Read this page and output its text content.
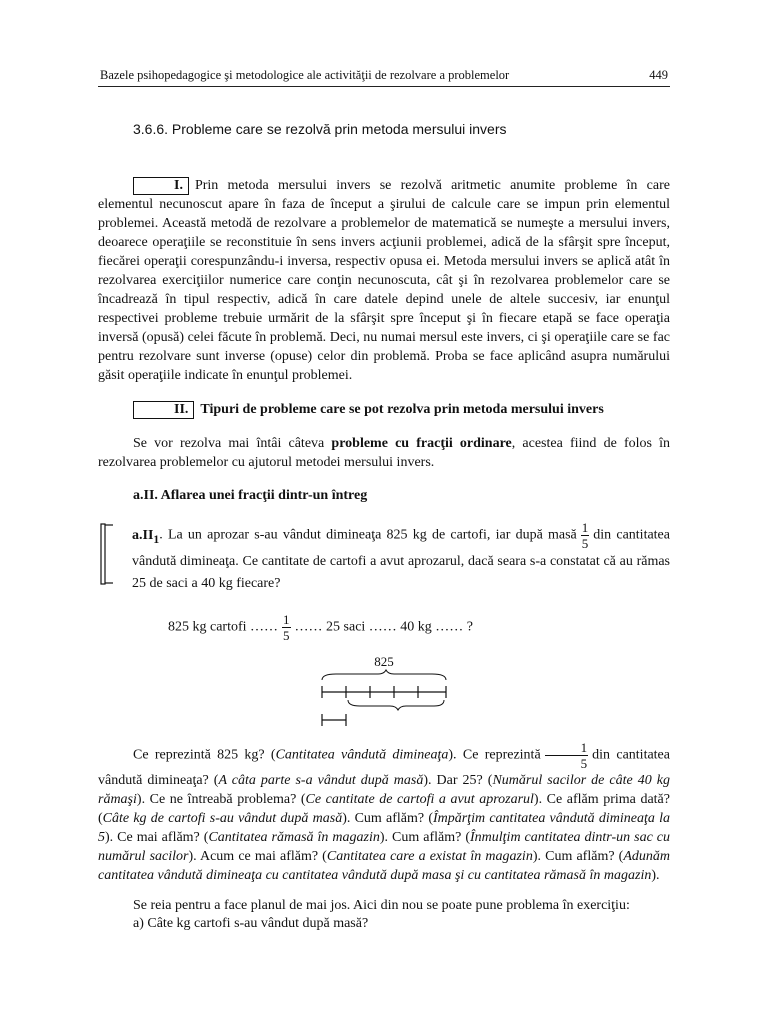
Bazele psihopedagogice şi metodologice ale activităţii de rezolvare a problemelor	449
3.6.6. Probleme care se rezolvă prin metoda mersului invers

I. Prin metoda mersului invers se rezolvă aritmetic anumite probleme în care elementul necunoscut apare în faza de început a şirului de calcule care se impun prin elementul problemei. Această metodă de rezolvare a problemelor de matematică se numeşte a mersului invers, deoarece operaţiile se reconstituie în sens invers acţiunii problemei, adică de la sfârşit spre început, fiecărei operaţii corespunzându-i inversa, respectiv opusa ei. Metoda mersului invers se aplică atât în rezolvarea exerciţiilor numerice care conţin necunoscuta, cât şi în rezolvarea problemelor care se încadrează în tipul respectiv, adică în care datele depind unele de altele succesiv, iar enunţul respectivei probleme trebuie urmărit de la sfârşit spre început şi în fiecare etapă se face operaţia inversă (opusă) celei făcute în problemă. Deci, nu numai mersul este invers, ci şi operaţiile care se fac pentru rezolvare sunt inverse (opuse) celor din problemă. Proba se face aplicând asupra numărului găsit operaţiile indicate în enunţul problemei.

II. Tipuri de probleme care se pot rezolva prin metoda mersului invers

Se vor rezolva mai întâi câteva probleme cu fracţii ordinare, acestea fiind de folos în rezolvarea problemelor cu ajutorul metodei mersului invers.

a.II. Aflarea unei fracţii dintr-un întreg

$a.II_1$. La un aprozar s-au vândut dimineaţa 825 kg de cartofi, iar după masă $\frac{1}{5}$ din cantitatea vândută dimineaţa. Ce cantitate de cartofi a avut aprozarul, dacă seara s-a constatat că au rămas 25 de saci a 40 kg fiecare?

825 kg cartofi …… $\frac{1}{5}$ …… 25 saci …… 40 kg …… ?

825

Ce reprezintă 825 kg? (Cantitatea vândută dimineaţa). Ce reprezintă $\frac{1}{5}$ din cantitatea vândută dimineaţa? (A câta parte s-a vândut după masă). Dar 25? (Numărul sacilor de câte 40 kg rămaşi). Ce ne întreabă problema? (Ce cantitate de cartofi a avut aprozarul). Ce aflăm prima dată? (Câte kg de cartofi s-au vândut după masă). Cum aflăm? (Împărţim cantitatea vândută dimineaţa la 5). Ce mai aflăm? (Cantitatea rămasă în magazin). Cum aflăm? (Înmulţim cantitatea dintr-un sac cu numărul sacilor). Acum ce mai aflăm? (Cantitatea care a existat în magazin). Cum aflăm? (Adunăm cantitatea vândută dimineaţa cu cantitatea vândută după masa şi cu cantitatea rămasă în magazin).

Se reia pentru a face planul de mai jos. Aici din nou se poate pune problema în exerciţiu:

a) Câte kg cartofi s-au vândut după masă?
